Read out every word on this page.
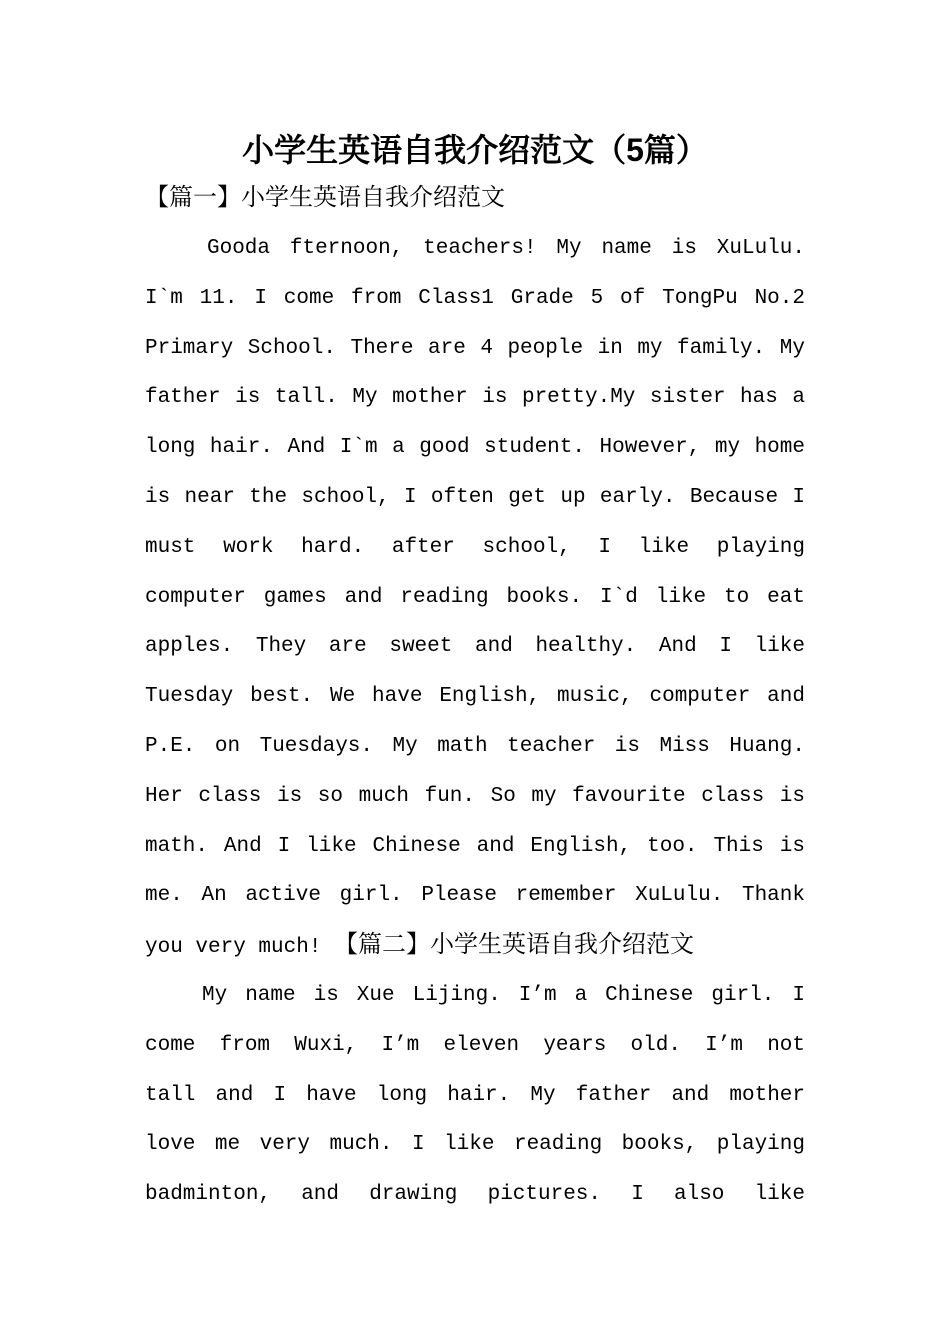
小学生英语自我介绍范文（5篇）
【篇一】小学生英语自我介绍范文
Gooda fternoon, teachers! My name is XuLulu.
I`m 11. I come from Class1 Grade 5 of TongPu No.2
Primary School. There are 4 people in my family. My
father is tall. My mother is pretty.My sister has a
long hair. And I`m a good student. However, my home
is near the school, I often get up early. Because I
must work hard. after school, I like playing
computer games and reading books. I`d like to eat
apples. They are sweet and healthy. And I like
Tuesday best. We have English, music, computer and
P.E. on Tuesdays. My math teacher is Miss Huang.
Her class is so much fun. So my favourite class is
math. And I like Chinese and English, too. This is
me. An active girl. Please remember XuLulu. Thank
you very much! 【篇二】小学生英语自我介绍范文
My name is Xue Lijing. I’m a Chinese girl. I
come from Wuxi, I’m eleven years old. I’m not
tall and I have long hair. My father and mother
love me very much. I like reading books, playing
badminton, and drawing pictures. I also like
